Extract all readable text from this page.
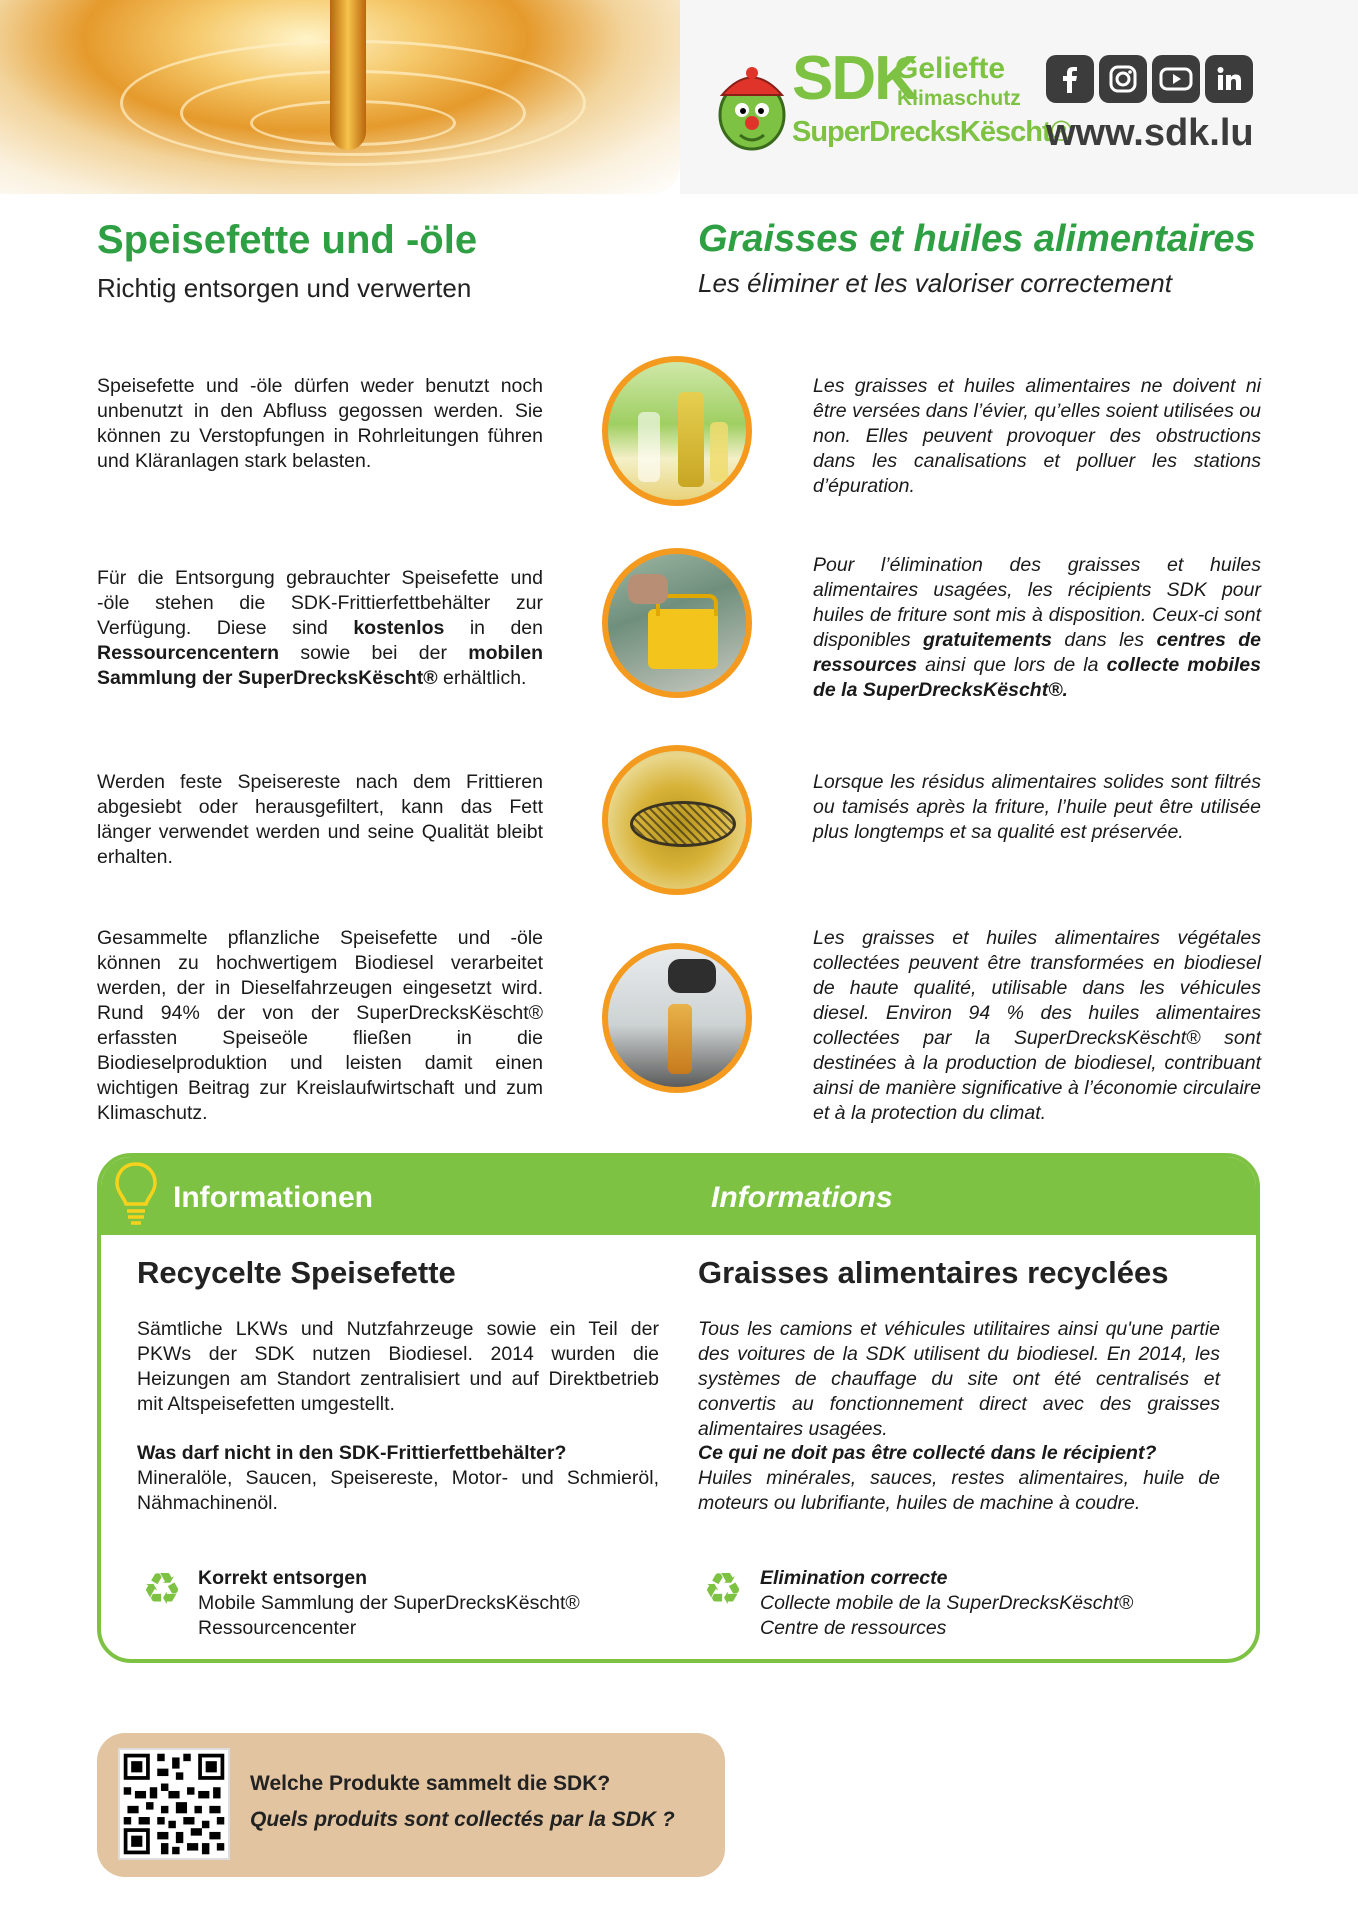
SDK
Geliefte
Klimaschutz
SuperDrecksKëscht®
www.sdk.lu
Speisefette und -öle
Richtig entsorgen und verwerten
Graisses et huiles alimentaires
Les éliminer et les valoriser correctement
Speisefette und -öle dürfen weder benutzt noch unbenutzt in den Abfluss gegossen werden. Sie können zu Verstopfungen in Rohrleitungen führen und Kläranlagen stark belasten.
Les graisses et huiles alimentaires ne doivent ni être versées dans l’évier, qu’elles soient utilisées ou non. Elles peuvent provoquer des obstructions dans les canalisations et polluer les stations d’épuration.
Für die Entsorgung gebrauchter Speisefette und -öle stehen die SDK-Frittierfettbehälter zur Verfügung. Diese sind kostenlos in den Ressourcencentern sowie bei der mobilen Sammlung der SuperDrecksKëscht® erhältlich.
Pour l’élimination des graisses et huiles alimentaires usagées, les récipients SDK pour huiles de friture sont mis à disposition. Ceux-ci sont disponibles gratuitements dans les centres de ressources ainsi que lors de la collecte mobiles de la SuperDrecksKëscht®.
Werden feste Speisereste nach dem Frittieren abgesiebt oder herausgefiltert, kann das Fett länger verwendet werden und seine Qualität bleibt erhalten.
Lorsque les résidus alimentaires solides sont filtrés ou tamisés après la friture, l’huile peut être utilisée plus longtemps et sa qualité est préservée.
Gesammelte pflanzliche Speisefette und -öle können zu hochwertigem Biodiesel verarbeitet werden, der in Dieselfahrzeugen eingesetzt wird. Rund 94% der von der SuperDrecksKëscht® erfassten Speiseöle fließen in die Biodieselproduktion und leisten damit einen wichtigen Beitrag zur Kreislaufwirtschaft und zum Klimaschutz.
Les graisses et huiles alimentaires végétales collectées peuvent être transformées en biodiesel de haute qualité, utilisable dans les véhicules diesel. Environ 94 % des huiles alimentaires collectées par la SuperDrecksKëscht® sont destinées à la production de biodiesel, contribuant ainsi de manière significative à l’économie circulaire et à la protection du climat.
Informationen	Informations
Recycelte Speisefette	Graisses alimentaires recyclées
Sämtliche LKWs und Nutzfahrzeuge sowie ein Teil der PKWs der SDK nutzen Biodiesel. 2014 wurden die Heizungen am Standort zentralisiert und auf Direktbetrieb mit Altspeisefetten umgestellt.
Tous les camions et véhicules utilitaires ainsi qu'une partie des voitures de la SDK utilisent du biodiesel. En 2014, les systèmes de chauffage du site ont été centralisés et convertis au fonctionnement direct avec des graisses alimentaires usagées.
Was darf nicht in den SDK-Frittierfettbehälter?
Mineralöle, Saucen, Speisereste, Motor- und Schmieröl, Nähmachinenöl.
Ce qui ne doit pas être collecté dans le récipient?
Huiles minérales, sauces, restes alimentaires, huile de moteurs ou lubrifiante, huiles de machine à coudre.
♻ Korrekt entsorgen
Mobile Sammlung der SuperDrecksKëscht®
Ressourcencenter
♻ Elimination correcte
Collecte mobile de la SuperDrecksKëscht®
Centre de ressources
Welche Produkte sammelt die SDK?
Quels produits sont collectés par la SDK ?
